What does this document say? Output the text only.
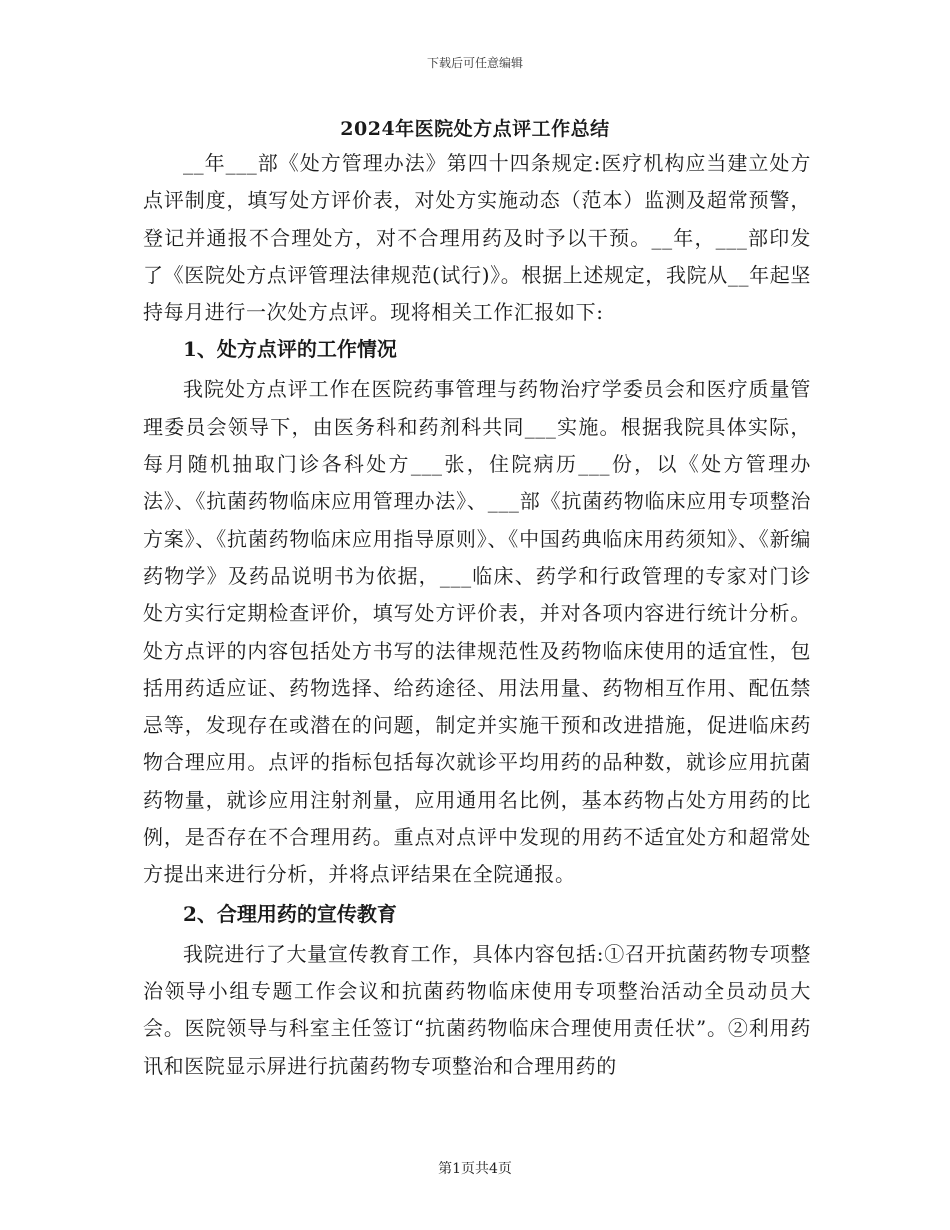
下载后可任意编辑
2024年医院处方点评工作总结

__年___部《处方管理办法》第四十四条规定:医疗机构应当建立处方点评制度，填写处方评价表，对处方实施动态（范本）监测及超常预警，登记并通报不合理处方，对不合理用药及时予以干预。__年，___部印发了《医院处方点评管理法律规范(试行)》。根据上述规定，我院从__年起坚持每月进行一次处方点评。现将相关工作汇报如下:

1、处方点评的工作情况

我院处方点评工作在医院药事管理与药物治疗学委员会和医疗质量管理委员会领导下，由医务科和药剂科共同___实施。根据我院具体实际，每月随机抽取门诊各科处方___张，住院病历___份，以《处方管理办法》、《抗菌药物临床应用管理办法》、___部《抗菌药物临床应用专项整治方案》、《抗菌药物临床应用指导原则》、《中国药典临床用药须知》、《新编药物学》及药品说明书为依据，___临床、药学和行政管理的专家对门诊处方实行定期检查评价，填写处方评价表，并对各项内容进行统计分析。处方点评的内容包括处方书写的法律规范性及药物临床使用的适宜性，包括用药适应证、药物选择、给药途径、用法用量、药物相互作用、配伍禁忌等，发现存在或潜在的问题，制定并实施干预和改进措施，促进临床药物合理应用。点评的指标包括每次就诊平均用药的品种数，就诊应用抗菌药物量，就诊应用注射剂量，应用通用名比例，基本药物占处方用药的比例，是否存在不合理用药。重点对点评中发现的用药不适宜处方和超常处方提出来进行分析，并将点评结果在全院通报。

2、合理用药的宣传教育

我院进行了大量宣传教育工作，具体内容包括:①召开抗菌药物专项整治领导小组专题工作会议和抗菌药物临床使用专项整治活动全员动员大会。医院领导与科室主任签订“抗菌药物临床合理使用责任状”。②利用药讯和医院显示屏进行抗菌药物专项整治和合理用药的

第1页共4页
